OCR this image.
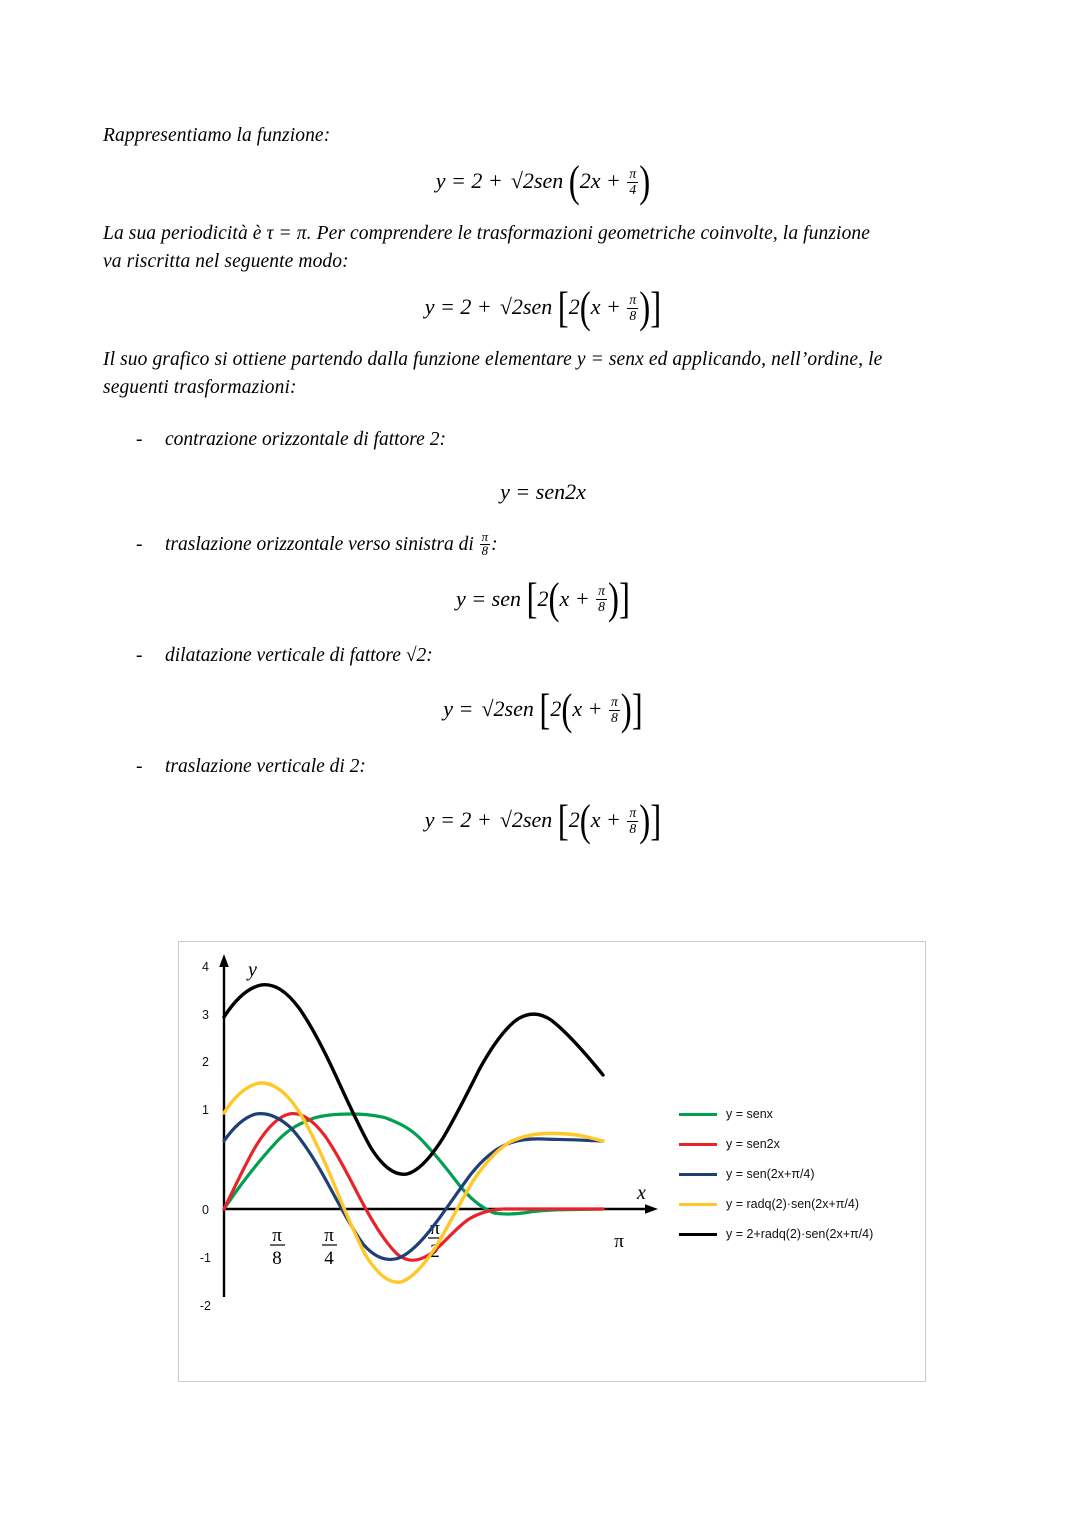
Rappresentiamo la funzione:

y = 2 + √2sen ($2x + \frac{\pi}{4}$ )

La sua periodicità è τ = π. Per comprendere le trasformazioni geometriche coinvolte, la funzione
va riscritta nel seguente modo:

y = 2 + √2sen [$2(x + \frac{\pi}{8}$ )]

Il suo grafico si ottiene partendo dalla funzione elementare y = senx ed applicando, nell’ordine, le
seguenti trasformazioni:

- contrazione orizzontale di fattore 2:
y = sen2x
- traslazione orizzontale verso sinistra di $\frac{\pi}{8}$ :
y = sen [$2(x + \frac{\pi}{8}$ )]
- dilatazione verticale di fattore √2:
y = √2sen [$2(x + \frac{\pi}{8}$ )]
- traslazione verticale di 2:
y = 2 + √2sen [$2(x + \frac{\pi}{8}$ )]
4
3
2
1
0
-1
-2
y
x
π
8
π
4
π
2	π
y = senx
y = sen2x
y = sen(2x+π/4)
y = radq(2)·sen(2x+π/4)
y = 2+radq(2)·sen(2x+π/4)
